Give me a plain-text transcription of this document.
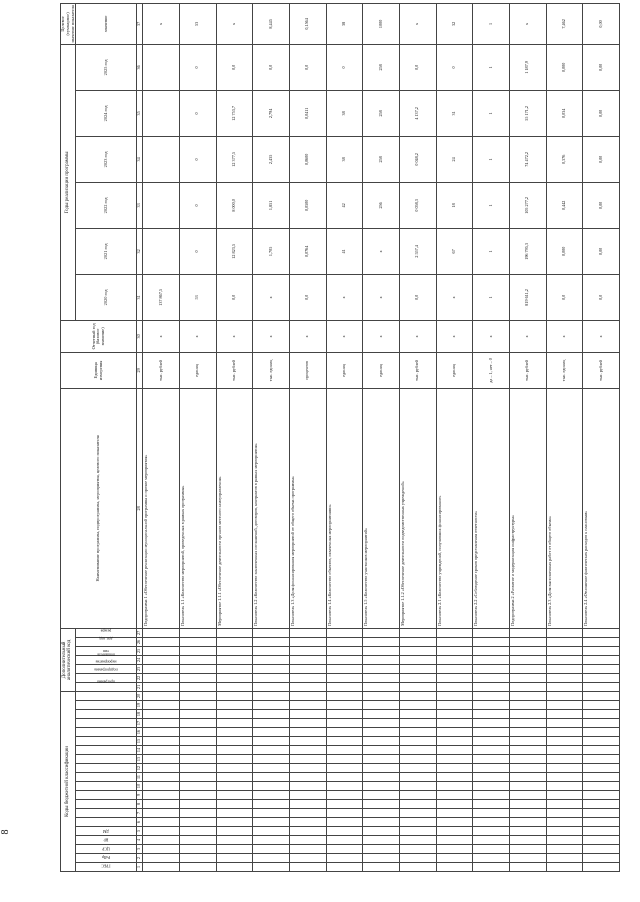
8
Коды бюджетной классификации																				Дополнительный аналитический код							Наименование программы, подпрограммы, мероприятия, целевого показателя	Единица измерения	Отчетный год (базовое значение)	Годы реализации программы						Целевое (суммарное) значение показателя
ГРБС	РзПр	ЦСР	ВР	ДМ																программа	подпрограмма	мероприятие	показатель	тип	доп. код	резерв				2020 год	2021 год	2022 год	2023 год	2024 год	2025 год	значение
1	2	3	4	5	6	7	8	9	10	11	12	13	14	15	16	17	18	19	20	21	22	23	24	25	26	27	28	29	30	31	32	33	34	35	36	37
																											Подпрограмма 1 «Обеспечение реализации муниципальной программы и прочие мероприятия»	тыс. рублей	х	137 867,5						х
																											Показатель 1.1 «Количество мероприятий, проведенных в рамках программы»	единиц	х	53	0	0	0	0	0	53
																											Мероприятие 1.1.1 «Обеспечение деятельности органов местного самоуправления»	тыс. рублей	х	0,0	12 823,5	8 000,0	12 377,5	12 753,7	0,0	х
																											Показатель 1.2 «Количество заключенных соглашений, договоров, контрактов в рамках мероприятия»	тыс. единиц	х	х	1,705	1,851	2,435	2,794	0,0	8,445
																											Показатель 1.3 «Доля финансирования мероприятий от общего объема программы»	процентов	х	0,0	0,0764	0,0500	0,0600	0,0411	0,0	0,1564
																											Показатель 1.4 «Количество объектов, охваченных мероприятиями»	единиц	х	х	41	42	38	38	0	38
																											Показатель 1.5 «Количество участников мероприятий»	единиц	х	х	х	256	258	258	258	1000
																											Мероприятие 1.1.2 «Обеспечение деятельности подведомственных учреждений»	тыс. рублей	х	0,0	2 557,4	0 058,3	0 048,2	4 137,2	0,0	х
																											Показатель 2.1 «Количество учреждений, получивших финансирование»	единиц	х	х	67	18	24	31	0	32
																											Показатель 2.2 «Соблюдение сроков представления отчетности»	да – 1, нет – 0	х	1	1	1	1	1	1	1
																											Подпрограмма 2 «Развитие и модернизация инфраструктуры»	тыс. рублей	х	819 611,2	196 795,3	105 277,2	74 472,2	55 171,2	1 187,9	х
																											Показатель 2.3 «Доля выполненных работ от общего объема»	тыс. единиц	х	0,0	0,000	0,442	0,376	0,034	0,000	7,462
																											Показатель 2.4 «Отношение фактических расходов к плановым»	тыс. рублей	х	0,0	0,00	0,00	0,00	0,00	0,00	0,00
